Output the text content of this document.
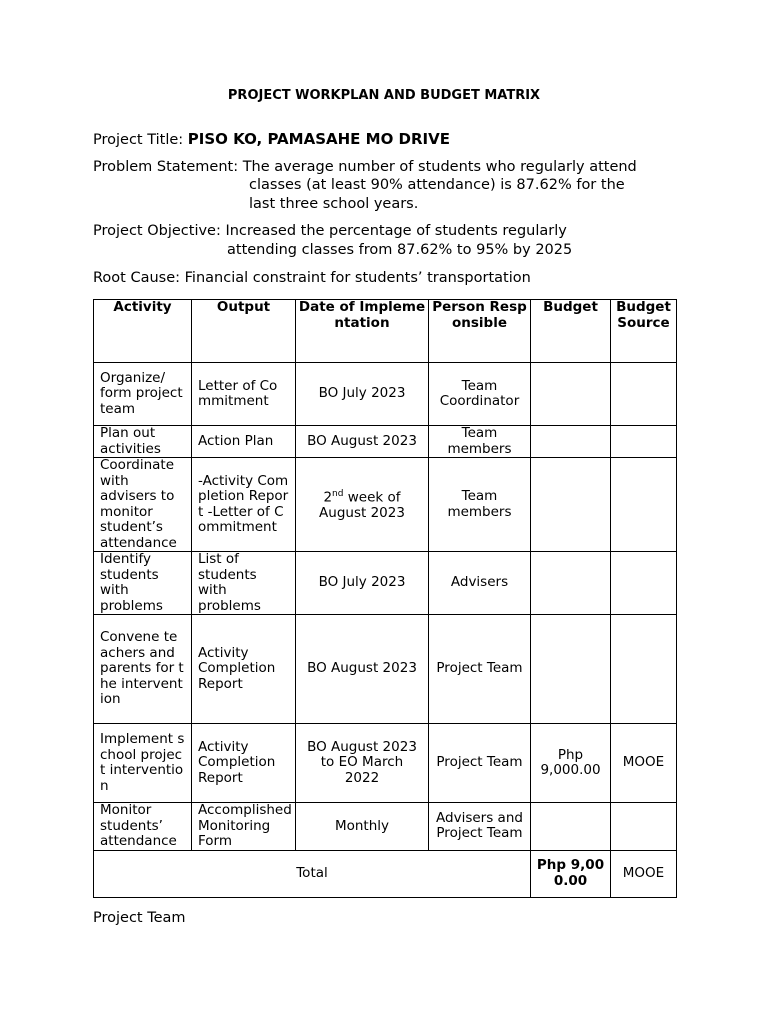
PROJECT WORKPLAN AND BUDGET MATRIX
Project Title: PISO KO, PAMASAHE MO DRIVE
Problem Statement: The average number of students who regularly attend
classes (at least 90% attendance) is 87.62% for the
last three school years.
Project Objective: Increased the percentage of students regularly
attending classes from 87.62% to 95% by 2025
Root Cause: Financial constraint for students’ transportation
Activity	Output	Date of Implementation	Person Responsible	Budget	Budget Source
Organize/ form project team	Letter of Commitment	BO July 2023	Team Coordinator		
Plan out activities	Action Plan	BO August 2023	Team members		
Coordinate with advisers to monitor student’s attendance	-Activity Completion Report -Letter of Commitment	2nd week of August 2023	Team members		
Identify students with problems	List of students with problems	BO July 2023	Advisers		
Convene teachers and parents for the intervention	Activity Completion Report	BO August 2023	Project Team		
Implement school project intervention	Activity Completion Report	BO August 2023 to EO March 2022	Project Team	Php 9,000.00	MOOE
Monitor students’ attendance	Accomplished Monitoring Form	Monthly	Advisers and Project Team		
Total				Php 9,000.00	MOOE
Project Team
